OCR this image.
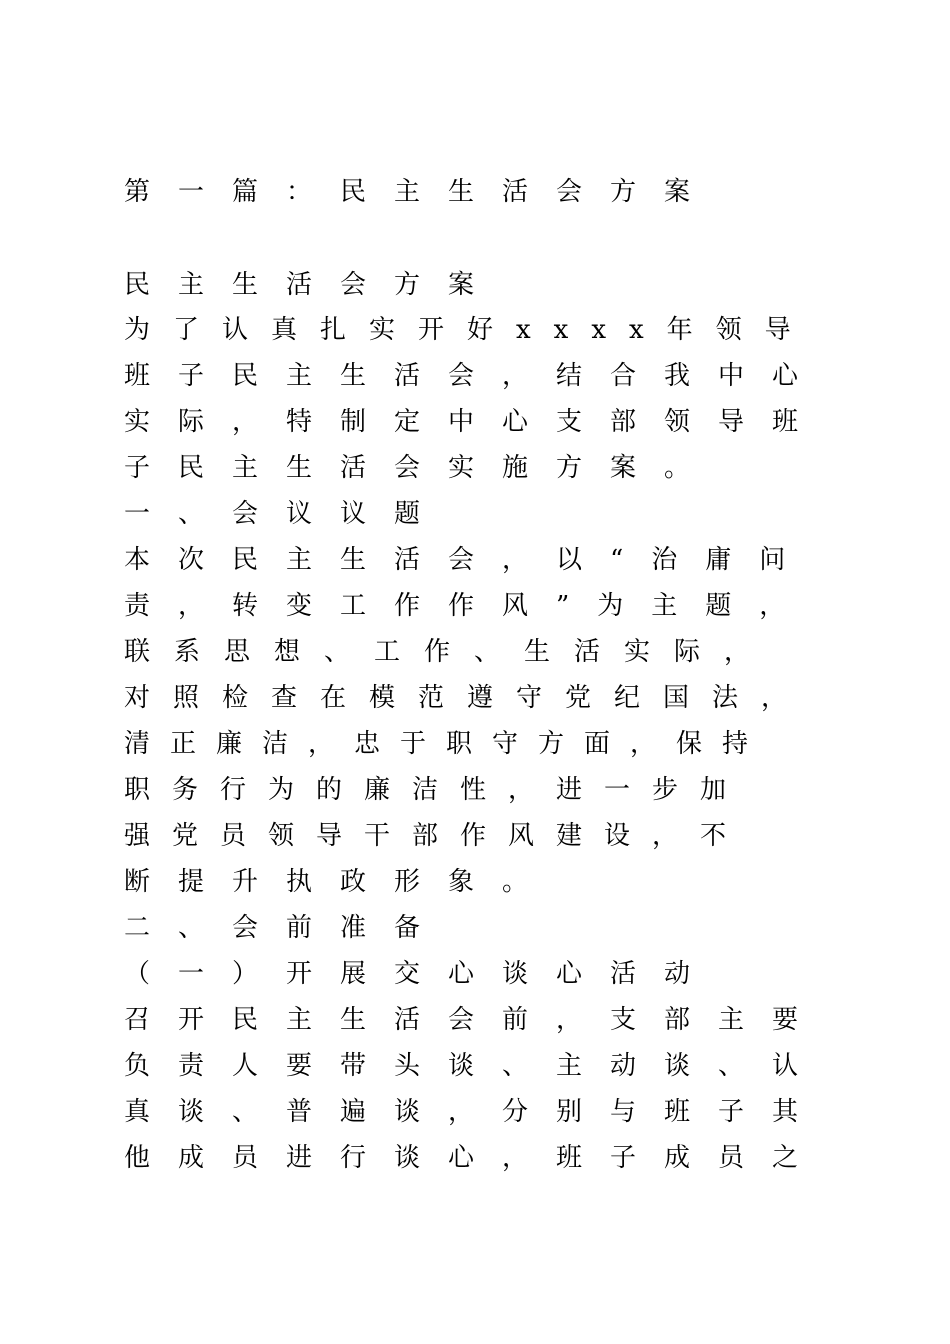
第一篇：民主生活会方案
民主生活会方案
为了认真扎实开好xxxx年领导
班子民主生活会，结合我中心
实际，特制定中心支部领导班
子民主生活会实施方案。
一、会议议题
本次民主生活会，以“治庸问
责，转变工作作风”为主题，
联系思想、工作、生活实际，
对照检查在模范遵守党纪国法，
清正廉洁，忠于职守方面，保持
职务行为的廉洁性，进一步加
强党员领导干部作风建设，不
断提升执政形象。
二、会前准备
（一）开展交心谈心活动
召开民主生活会前，支部主要
负责人要带头谈、主动谈、认
真谈、普遍谈，分别与班子其
他成员进行谈心，班子成员之
